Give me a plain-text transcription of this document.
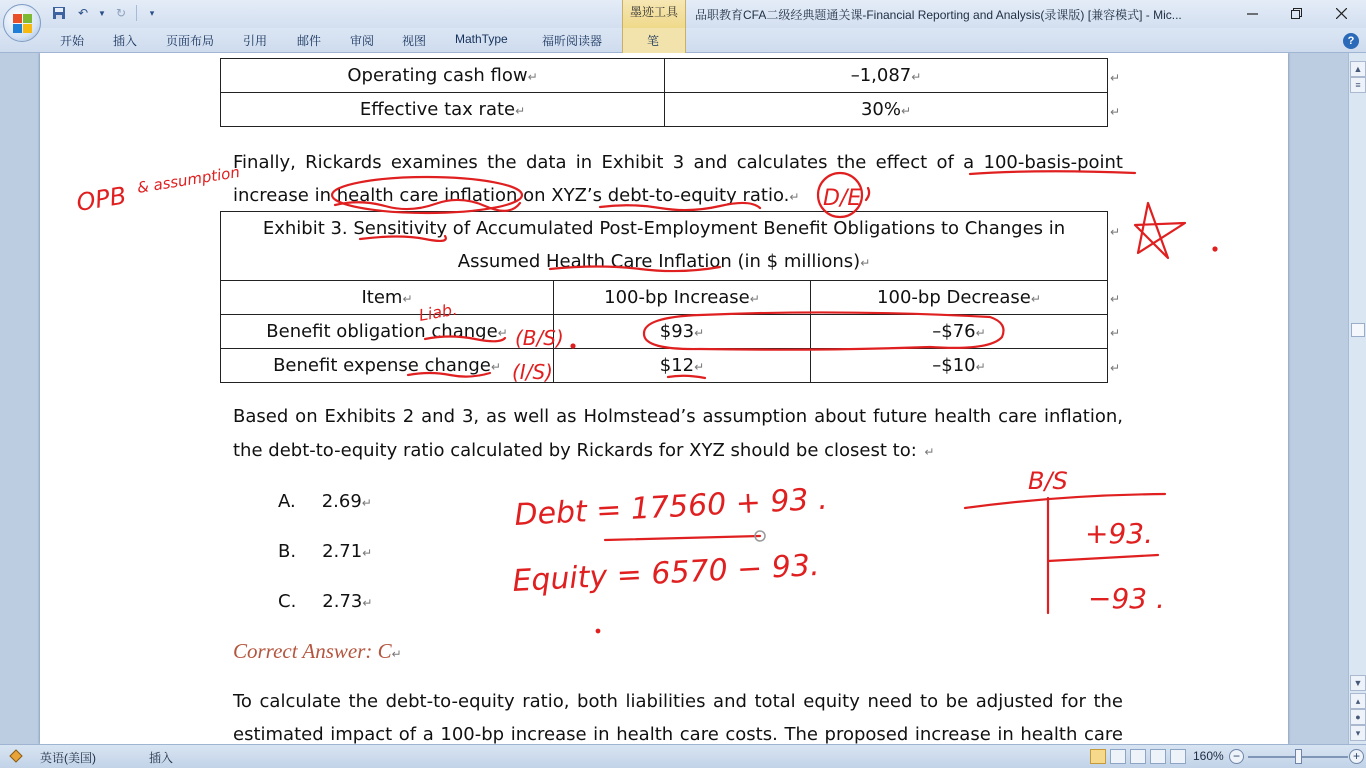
↶	▼ ↻	▾	墨迹工具	品职教育CFA二级经典题通关课-Financial Reporting and Analysis(录课版) [兼容模式] - Mic...
开始 插入 页面布局 引用 邮件 审阅 视图 MathType	福昕阅读器	笔	?
Operating cash flow↵	–1,087↵
Effective tax rate↵	30%↵
↵
↵
Finally, Rickards examines the data in Exhibit 3 and calculates the effect of a 100-basis-point
increase in health care inflation on XYZ’s debt-to-equity ratio.↵
Exhibit 3. Sensitivity of Accumulated Post-Employment Benefit Obligations to Changes in
Assumed Health Care Inflation (in $ millions)↵		

Item↵	100-bp Increase↵	100-bp Decrease↵
Benefit obligation change↵	$93↵	–$76↵
Benefit expense change↵	$12↵	–$10↵
↵
↵
↵
↵
Based on Exhibits 2 and 3, as well as Holmstead’s assumption about future health care inflation,
the debt-to-equity ratio calculated by Rickards for XYZ should be closest to:  ↵
A. 2.69↵
B. 2.71↵
C. 2.73↵
Correct Answer: C↵
To calculate the debt-to-equity ratio, both liabilities and total equity need to be adjusted for the
estimated impact of a 100-bp increase in health care costs. The proposed increase in health care
D/E
OPB
& assumption
Liab.
(B/S)
(I/S)
Debt = 17560 + 93 .
Equity = 6570 − 93.
B/S
+93.
−93 .
▲
≡
▼
▴
●
▾
英语(美国)	插入	160% −	+
